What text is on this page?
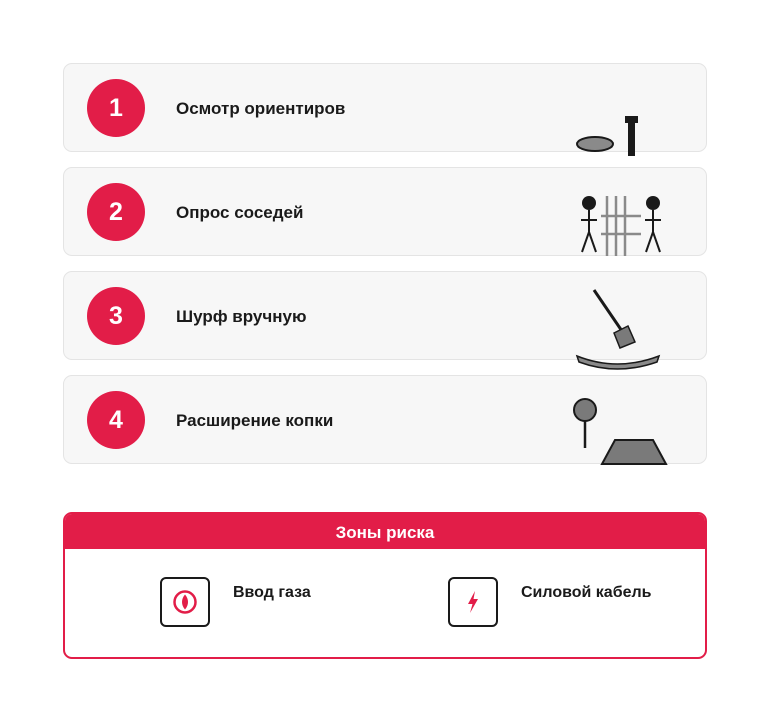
1	Осмотр ориентиров
2	Опрос соседей
3	Шурф вручную
4	Расширение копки
Зоны риска
Ввод газа	Силовой кабель
